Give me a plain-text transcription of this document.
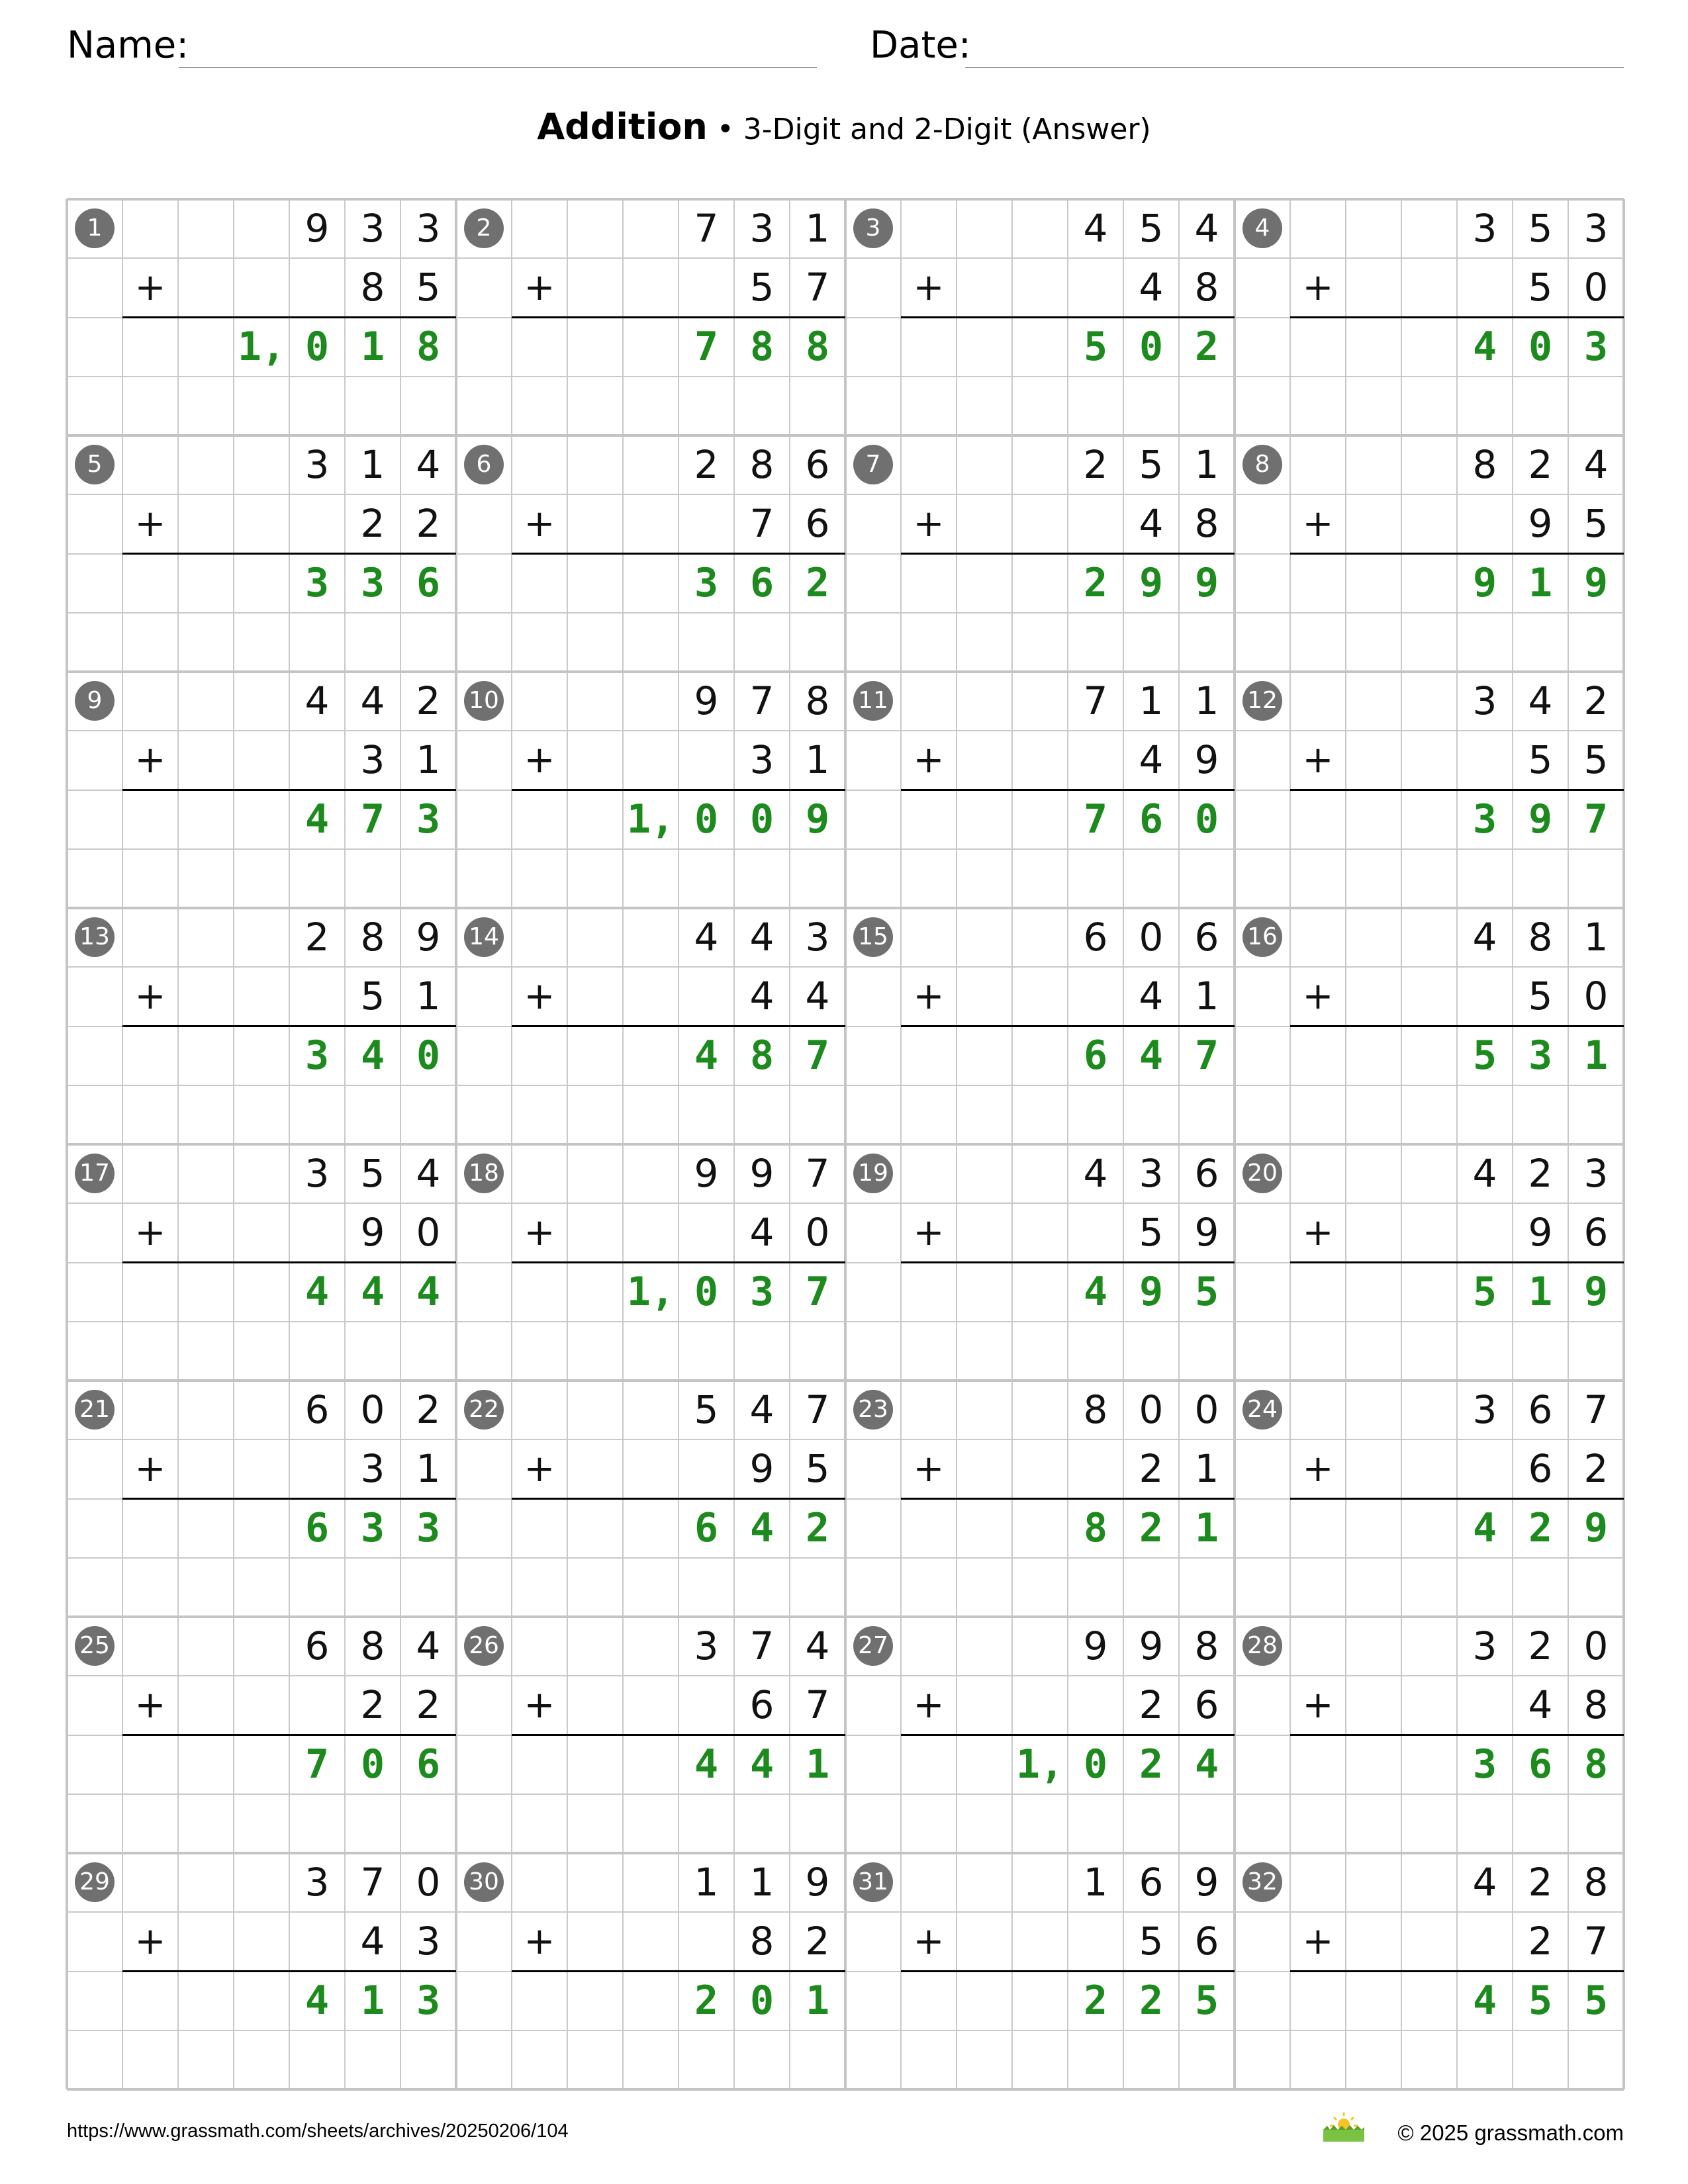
Name:	Date:
Addition • 3-Digit and 2-Digit (Answer)
1	9 3 3
+	8 5
1, 0 1 8
2	7 3 1
+	5 7
7 8 8
3	4 5 4
+	4 8
5 0 2
4	3 5 3
+	5 0
4 0 3
5	3 1 4
+	2 2
3 3 6
6	2 8 6
+	7 6
3 6 2
7	2 5 1
+	4 8
2 9 9
8	8 2 4
+	9 5
9 1 9
9	4 4 2
+	3 1
4 7 3
10	9 7 8
+	3 1
1, 0 0 9
11	7 1 1
+	4 9
7 6 0
12	3 4 2
+	5 5
3 9 7
13	2 8 9
+	5 1
3 4 0
14	4 4 3
+	4 4
4 8 7
15	6 0 6
+	4 1
6 4 7
16	4 8 1
+	5 0
5 3 1
17	3 5 4
+	9 0
4 4 4
18	9 9 7
+	4 0
1, 0 3 7
19	4 3 6
+	5 9
4 9 5
20	4 2 3
+	9 6
5 1 9
21	6 0 2
+	3 1
6 3 3
22	5 4 7
+	9 5
6 4 2
23	8 0 0
+	2 1
8 2 1
24	3 6 7
+	6 2
4 2 9
25	6 8 4
+	2 2
7 0 6
26	3 7 4
+	6 7
4 4 1
27	9 9 8
+	2 6
1, 0 2 4
28	3 2 0
+	4 8
3 6 8
29	3 7 0
+	4 3
4 1 3
30	1 1 9
+	8 2
2 0 1
31	1 6 9
+	5 6
2 2 5
32	4 2 8
+	2 7
4 5 5
https://www.grassmath.com/sheets/archives/20250206/104	© 2025 grassmath.com
